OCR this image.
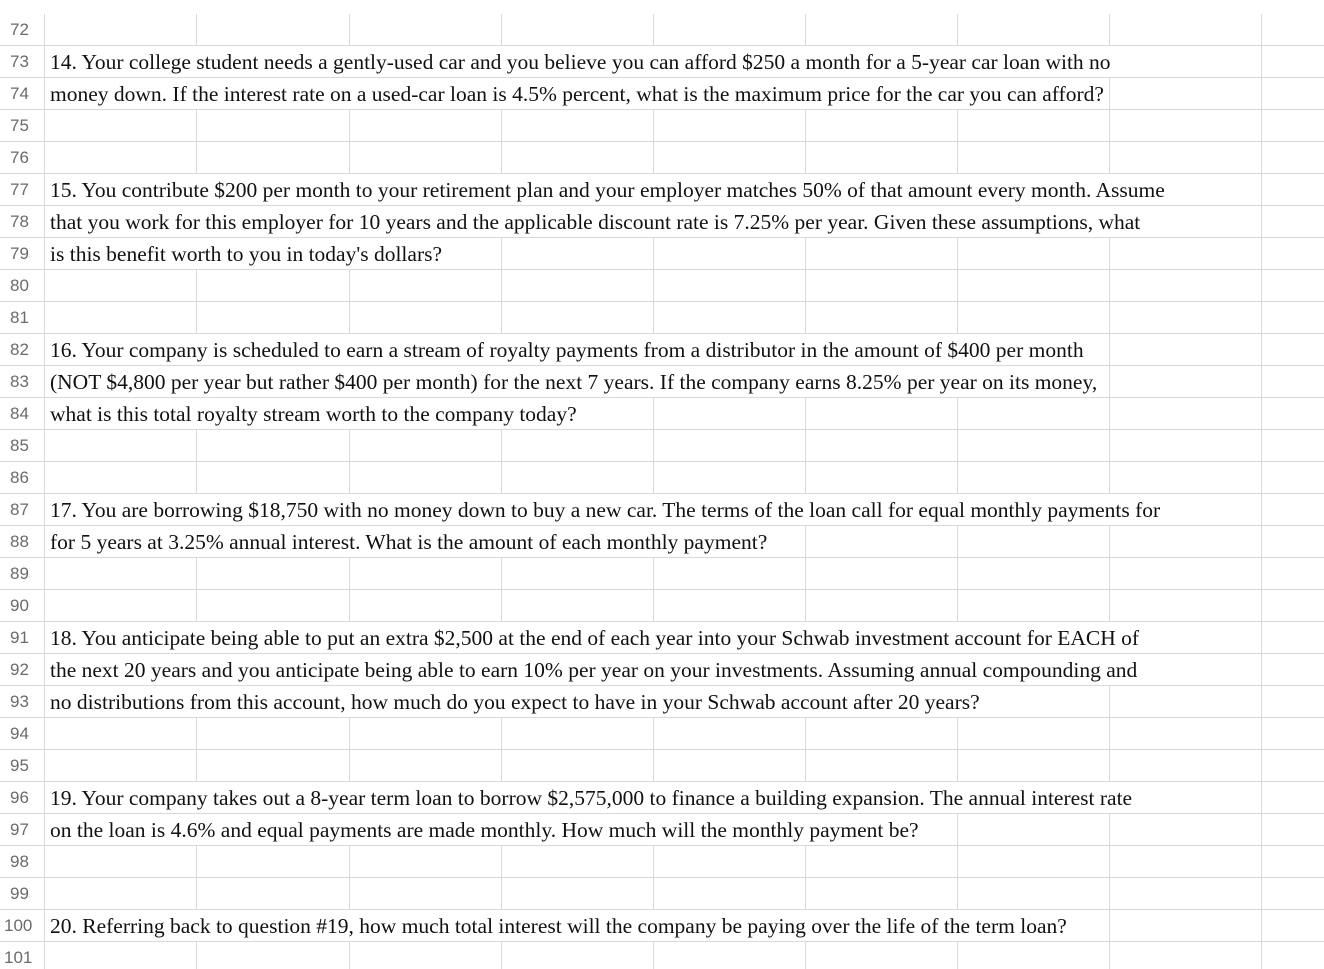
72
73 14. Your college student needs a gently-used car and you believe you can afford $250 a month for a 5-year car loan with no
74 money down. If the interest rate on a used-car loan is 4.5% percent, what is the maximum price for the car you can afford?
75
76
77 15. You contribute $200 per month to your retirement plan and your employer matches 50% of that amount every month. Assume
78 that you work for this employer for 10 years and the applicable discount rate is 7.25% per year. Given these assumptions, what
79 is this benefit worth to you in today's dollars?
80
81
82 16. Your company is scheduled to earn a stream of royalty payments from a distributor in the amount of $400 per month
83 (NOT $4,800 per year but rather $400 per month) for the next 7 years. If the company earns 8.25% per year on its money,
84 what is this total royalty stream worth to the company today?
85
86
87 17. You are borrowing $18,750 with no money down to buy a new car. The terms of the loan call for equal monthly payments for
88 for 5 years at 3.25% annual interest. What is the amount of each monthly payment?
89
90
91 18. You anticipate being able to put an extra $2,500 at the end of each year into your Schwab investment account for EACH of
92 the next 20 years and you anticipate being able to earn 10% per year on your investments. Assuming annual compounding and
93 no distributions from this account, how much do you expect to have in your Schwab account after 20 years?
94
95
96 19. Your company takes out a 8-year term loan to borrow $2,575,000 to finance a building expansion. The annual interest rate
97 on the loan is 4.6% and equal payments are made monthly. How much will the monthly payment be?
98
99
100 20. Referring back to question #19, how much total interest will the company be paying over the life of the term loan?
101
